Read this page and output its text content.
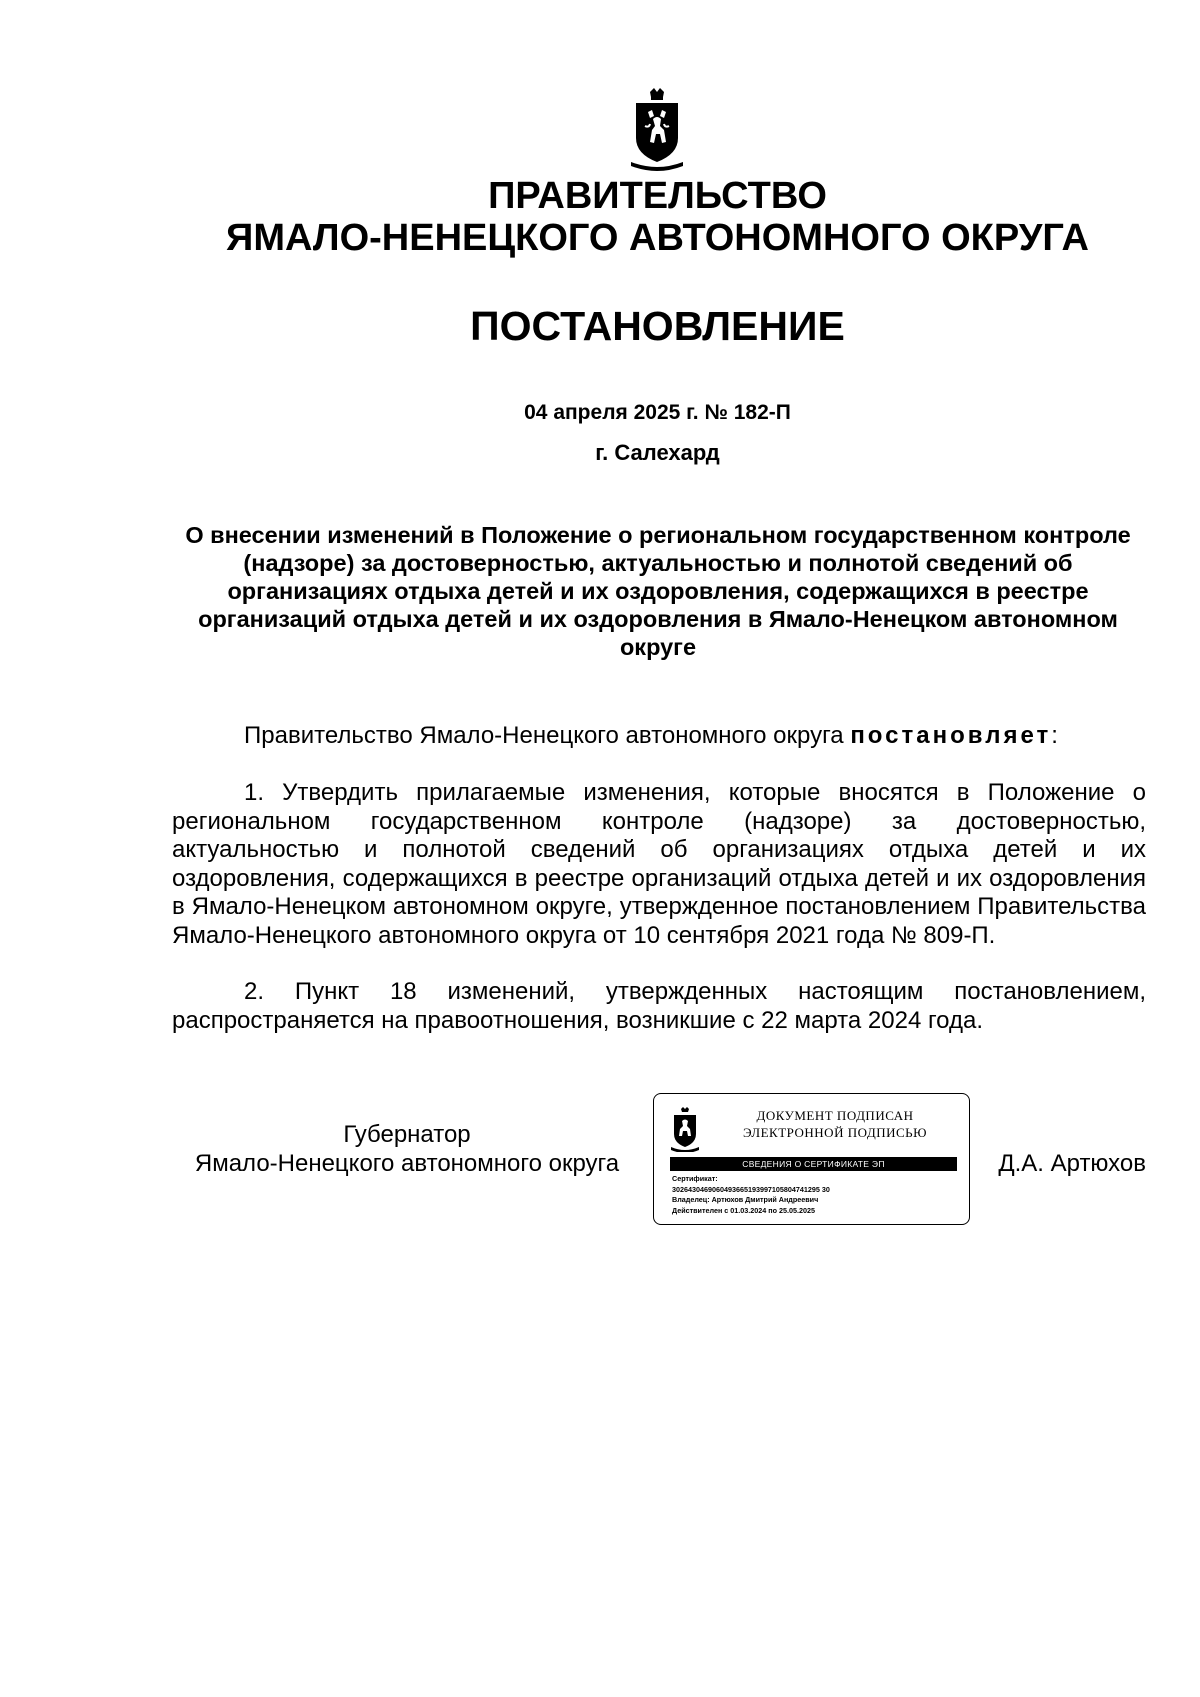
ПРАВИТЕЛЬСТВО
ЯМАЛО-НЕНЕЦКОГО АВТОНОМНОГО ОКРУГА
ПОСТАНОВЛЕНИЕ
04 апреля 2025 г. № 182-П
г. Салехард
О внесении изменений в Положение о региональном государственном контроле (надзоре) за достоверностью, актуальностью и полнотой сведений об организациях отдыха детей и их оздоровления, содержащихся в реестре организаций отдыха детей и их оздоровления в Ямало-Ненецком автономном округе
Правительство Ямало-Ненецкого автономного округа постановляет:
1. Утвердить прилагаемые изменения, которые вносятся в Положение о региональном государственном контроле (надзоре) за достоверностью, актуальностью и полнотой сведений об организациях отдыха детей и их оздоровления, содержащихся в реестре организаций отдыха детей и их оздоровления в Ямало-Ненецком автономном округе, утвержденное постановлением Правительства Ямало-Ненецкого автономного округа от 10 сентября 2021 года № 809-П.
2. Пункт 18 изменений, утвержденных настоящим постановлением, распространяется на правоотношения, возникшие с 22 марта 2024 года.
Губернатор
Ямало-Ненецкого автономного округа
ДОКУМЕНТ ПОДПИСАН
ЭЛЕКТРОННОЙ ПОДПИСЬЮ
СВЕДЕНИЯ О СЕРТИФИКАТЕ ЭП
Сертификат:
3026430469060493665193997105804741295 30
Владелец: Артюхов Дмитрий Андреевич
Действителен с 01.03.2024 по 25.05.2025
Д.А. Артюхов
